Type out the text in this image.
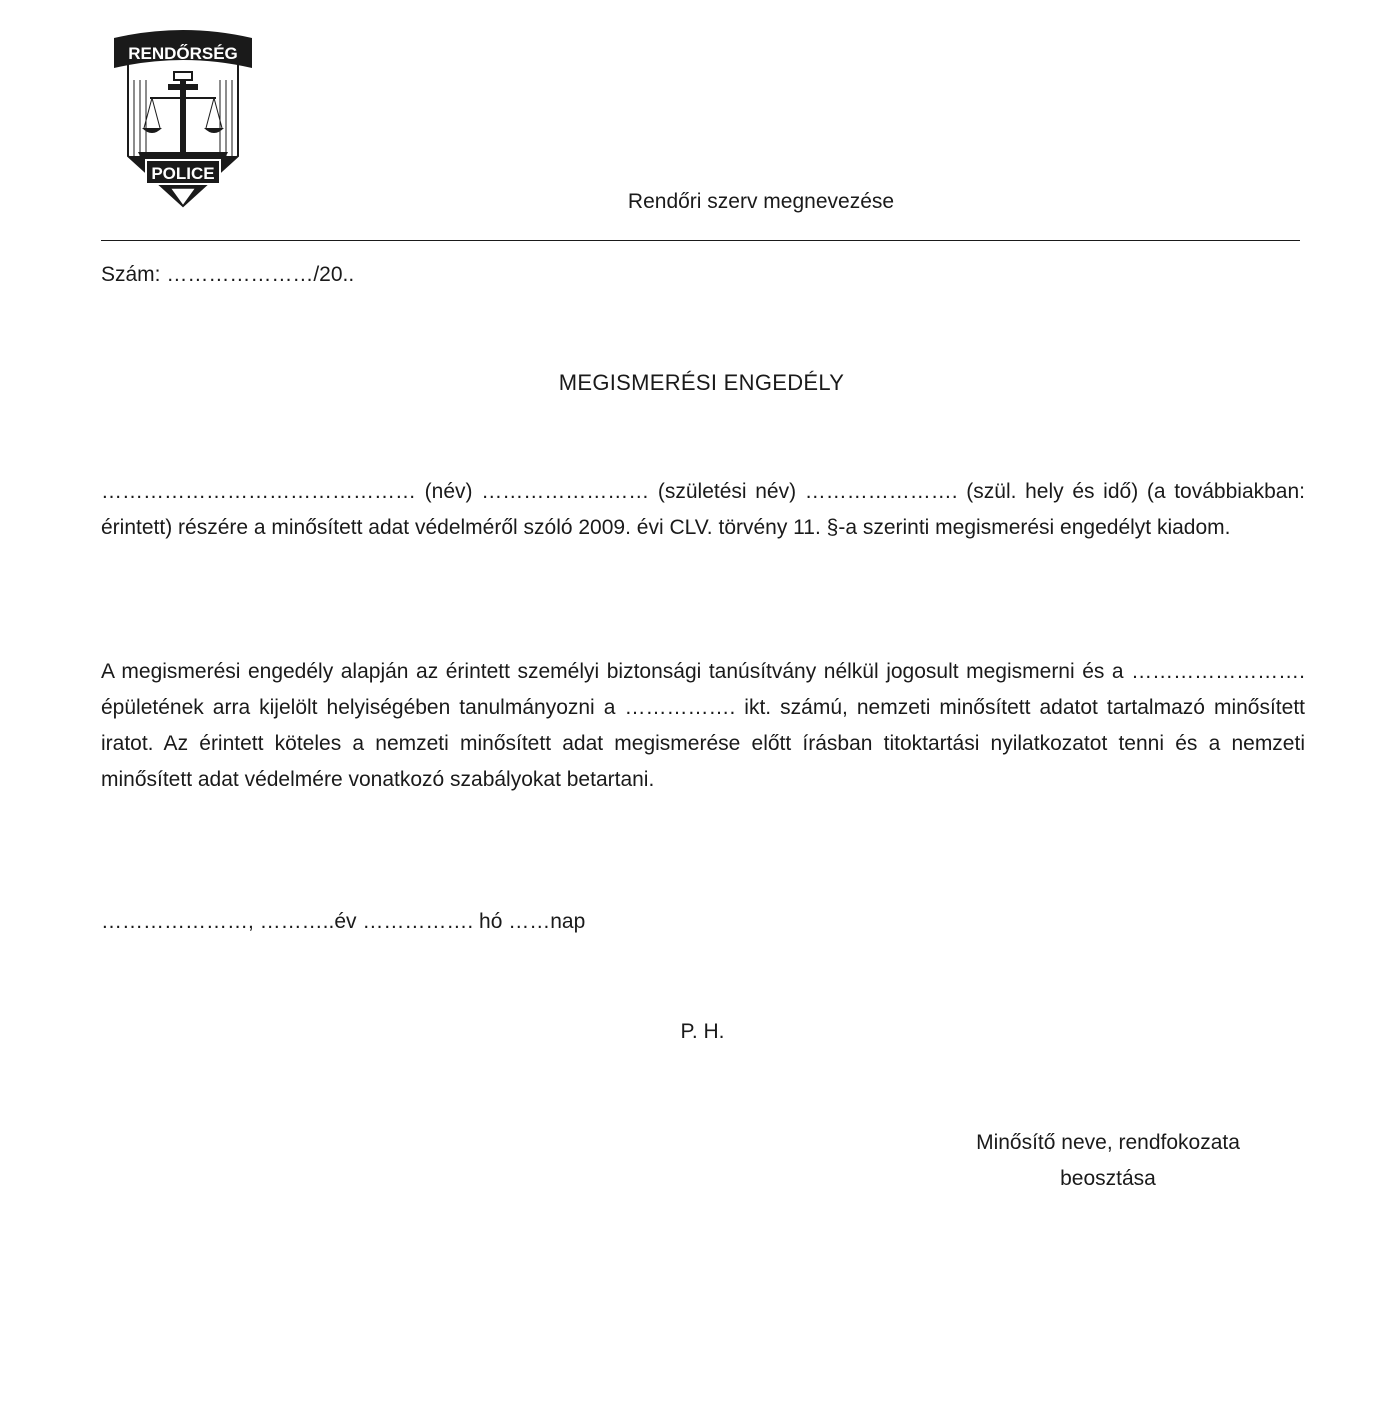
RENDŐRSÉG
POLICE
Rendőri szerv megnevezése
Szám: …………………/20..
MEGISMERÉSI ENGEDÉLY
……………………………………… (név) …………………… (születési név) …………………. (szül. hely és idő) (a továbbiakban: érintett) részére a minősített adat védelméről szóló 2009. évi CLV. törvény 11. §-a szerinti megismerési engedélyt kiadom.
A megismerési engedély alapján az érintett személyi biztonsági tanúsítvány nélkül jogosult megismerni és a ……………………. épületének arra kijelölt helyiségében tanulmányozni a ……………. ikt. számú, nemzeti minősített adatot tartalmazó minősített iratot. Az érintett köteles a nemzeti minősített adat megismerése előtt írásban titoktartási nyilatkozatot tenni és a nemzeti minősített adat védelmére vonatkozó szabályokat betartani.
…………………, ………..év ……………. hó ……nap
P. H.
Minősítő neve, rendfokozata
beosztása
